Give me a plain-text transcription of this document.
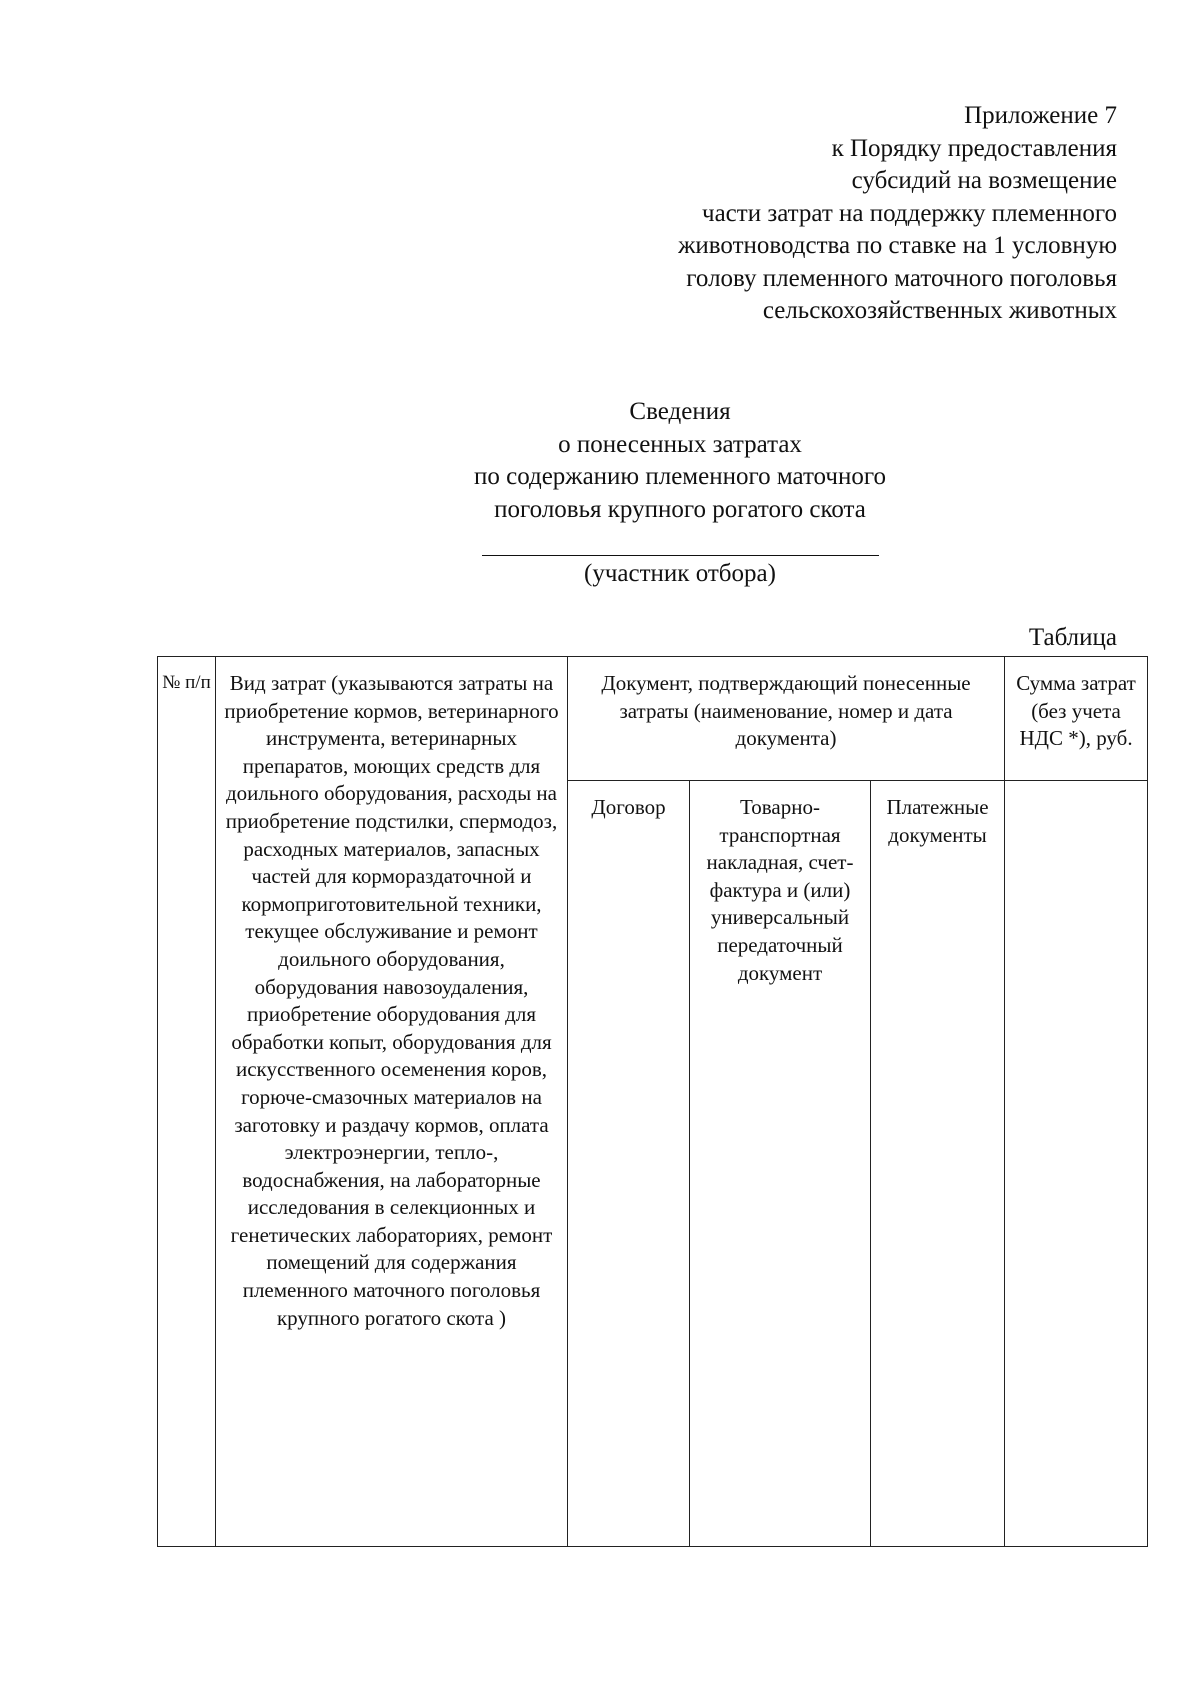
Приложение 7
к Порядку предоставления
субсидий на возмещение
части затрат на поддержку племенного
животноводства по ставке на 1 условную
голову племенного маточного поголовья
сельскохозяйственных животных
Сведения
о понесенных затратах
по содержанию племенного маточного
поголовья крупного рогатого скота
(участник отбора)
Таблица
№ п/п	Вид затрат (указываются затраты на приобретение кормов, ветеринарного инструмента, ветеринарных препаратов, моющих средств для доильного оборудования, расходы на приобретение подстилки, спермодоз, расходных материалов, запасных частей для кормораздаточной и кормоприготовительной техники, текущее обслуживание и ремонт доильного оборудования, оборудования навозоудаления, приобретение оборудования для обработки копыт, оборудования для искусственного осеменения коров, горюче-смазочных материалов на заготовку и раздачу кормов, оплата электроэнергии, тепло-, водоснабжения, на лабораторные исследования в селекционных и генетических лабораториях, ремонт помещений для содержания племенного маточного поголовья крупного рогатого скота )	Документ, подтверждающий понесенные затраты (наименование, номер и дата документа)			Сумма затрат (без учета НДС *), руб.
		Договор	Товарно-транспортная накладная, счет-фактура и (или) универсальный передаточный документ	Платежные документы	
